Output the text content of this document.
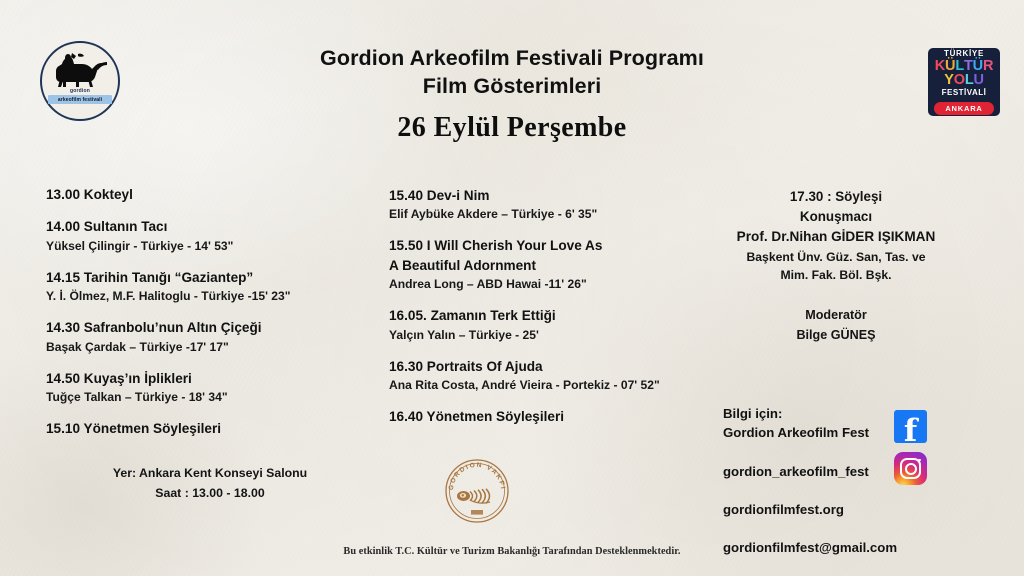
gordion
arkeofilm festivali
TÜRKİYE
KÜLTÜR
YOLU
FESTİVALİ
ANKARA
Gordion Arkeofilm Festivali Programı
Film Gösterimleri
26 Eylül Perşembe
13.00 Kokteyl
14.00 Sultanın Tacı
Yüksel Çilingir - Türkiye - 14' 53"
14.15 Tarihin Tanığı “Gaziantep”
Y. İ. Ölmez, M.F. Halitoglu - Türkiye -15' 23"
14.30 Safranbolu’nun Altın Çiçeği
Başak Çardak – Türkiye -17' 17"
14.50 Kuyaş’ın İplikleri
Tuğçe Talkan – Türkiye - 18' 34"
15.10 Yönetmen Söyleşileri
Yer: Ankara Kent Konseyi Salonu
Saat : 13.00 - 18.00
15.40 Dev-i Nim
Elif Aybüke Akdere – Türkiye - 6' 35"
15.50 I Will Cherish Your Love As
A Beautiful Adornment
Andrea Long – ABD Hawai -11' 26"
16.05. Zamanın Terk Ettiği
Yalçın Yalın – Türkiye - 25'
16.30 Portraits Of Ajuda
Ana Rita Costa, André Vieira - Portekiz - 07' 52"
16.40 Yönetmen Söyleşileri
17.30 : Söyleşi
Konuşmacı
Prof. Dr.Nihan GİDER IŞIKMAN
Başkent Ünv. Güz. San, Tas. ve
Mim. Fak. Böl. Bşk.
Moderatör
Bilge GÜNEŞ
Bilgi için:
Gordion Arkeofilm Fest
gordion_arkeofilm_fest
gordionfilmfest.org
gordionfilmfest@gmail.com
f
GORDION VAKFI
Bu etkinlik T.C. Kültür ve Turizm Bakanlığı Tarafından Desteklenmektedir.
